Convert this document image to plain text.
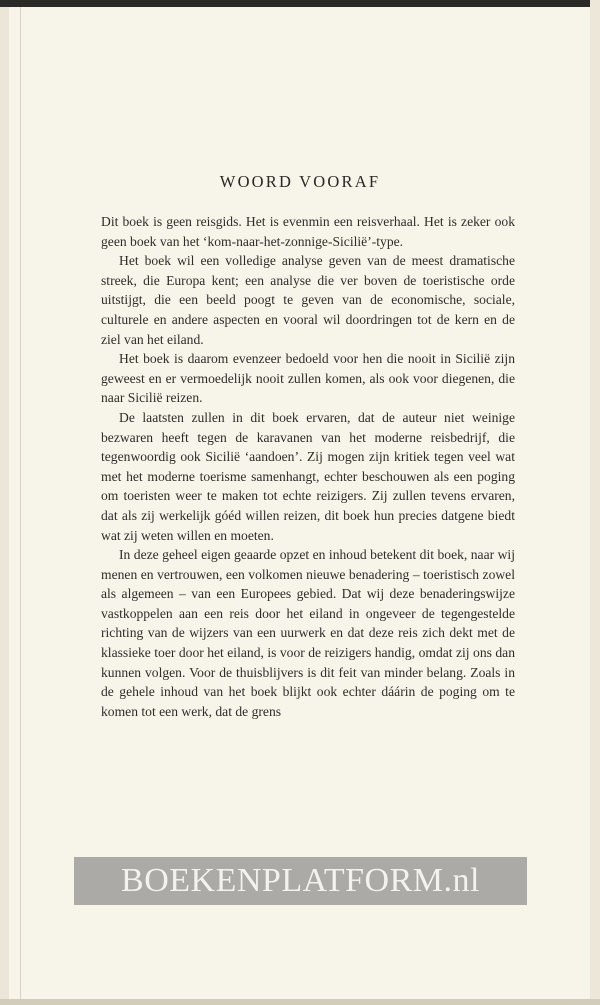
WOORD VOORAF

Dit boek is geen reisgids. Het is evenmin een reisverhaal. Het is zeker ook geen boek van het ‘kom-naar-het-zonnige-Sicilië’-type.

Het boek wil een volledige analyse geven van de meest dramatische streek, die Europa kent; een analyse die ver boven de toeristische orde uitstijgt, die een beeld poogt te geven van de economische, sociale, culturele en andere aspecten en vooral wil doordringen tot de kern en de ziel van het eiland.

Het boek is daarom evenzeer bedoeld voor hen die nooit in Sicilië zijn geweest en er vermoedelijk nooit zullen komen, als ook voor diegenen, die naar Sicilië reizen.

De laatsten zullen in dit boek ervaren, dat de auteur niet weinige bezwaren heeft tegen de karavanen van het moderne reisbedrijf, die tegenwoordig ook Sicilië ‘aandoen’. Zij mogen zijn kritiek tegen veel wat met het moderne toerisme samenhangt, echter beschouwen als een poging om toeristen weer te maken tot echte reizigers. Zij zullen tevens ervaren, dat als zij werkelijk góéd willen reizen, dit boek hun precies datgene biedt wat zij weten willen en moeten.

In deze geheel eigen geaarde opzet en inhoud betekent dit boek, naar wij menen en vertrouwen, een volkomen nieuwe benadering – toeristisch zowel als algemeen – van een Europees gebied. Dat wij deze benaderingswijze vastkoppelen aan een reis door het eiland in ongeveer de tegengestelde richting van de wijzers van een uurwerk en dat deze reis zich dekt met de klassieke toer door het eiland, is voor de reizigers handig, omdat zij ons dan kunnen volgen. Voor de thuisblijvers is dit feit van minder belang. Zoals in de gehele inhoud van het boek blijkt ook echter dáárin de poging om te komen tot een werk, dat de grens

BOEKENPLATFORM.nl
